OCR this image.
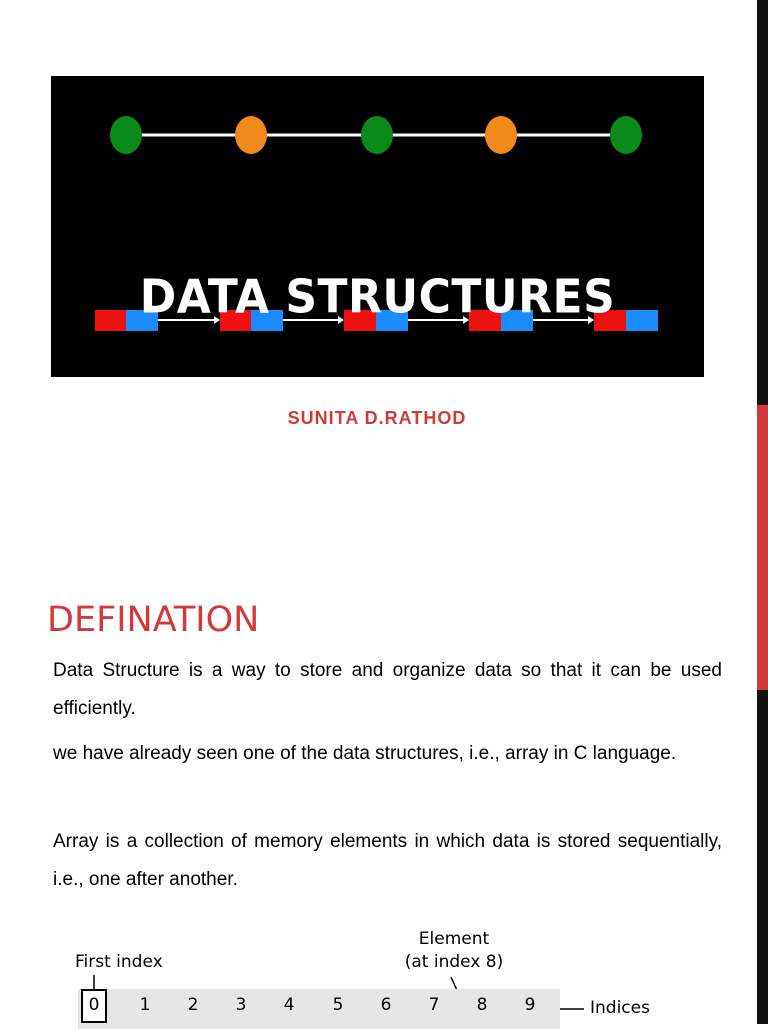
DATA STRUCTURES
SUNITA D.RATHOD
DEFINATION
Data Structure is a way to store and organize data so that it can be used efficiently.
we have already seen one of the data structures, i.e., array in C language.
Array is a collection of memory elements in which data is stored sequentially, i.e., one after another.
First index
Element
(at index 8)
0 1 2 3 4 5 6 7 8 9	Indices
